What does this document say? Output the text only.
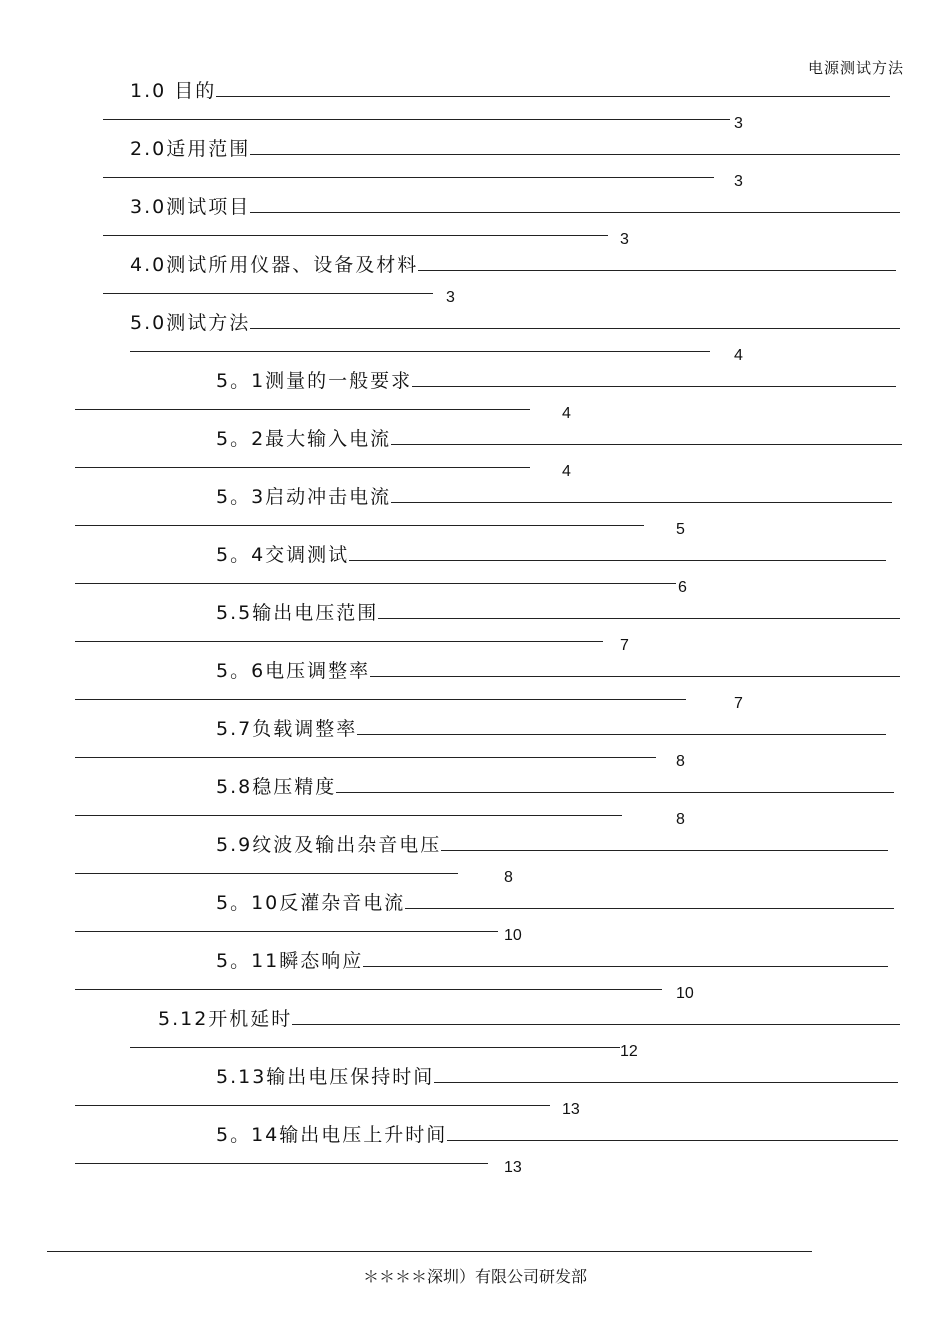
电源测试方法
1.0 目的
3
2.0适用范围
3
3.0测试项目
3
4.0测试所用仪器、设备及材料
3
5.0测试方法
4
5。1测量的一般要求
4
5。2最大输入电流
4
5。3启动冲击电流
5
5。4交调测试
6
5.5输出电压范围
7
5。6电压调整率
7
5.7负载调整率
8
5.8稳压精度
8
5.9纹波及输出杂音电压
8
5。10反灌杂音电流
10
5。11瞬态响应
10
5.12开机延时
12
5.13输出电压保持时间
13
5。14输出电压上升时间
13
＊＊＊＊深圳）有限公司研发部
